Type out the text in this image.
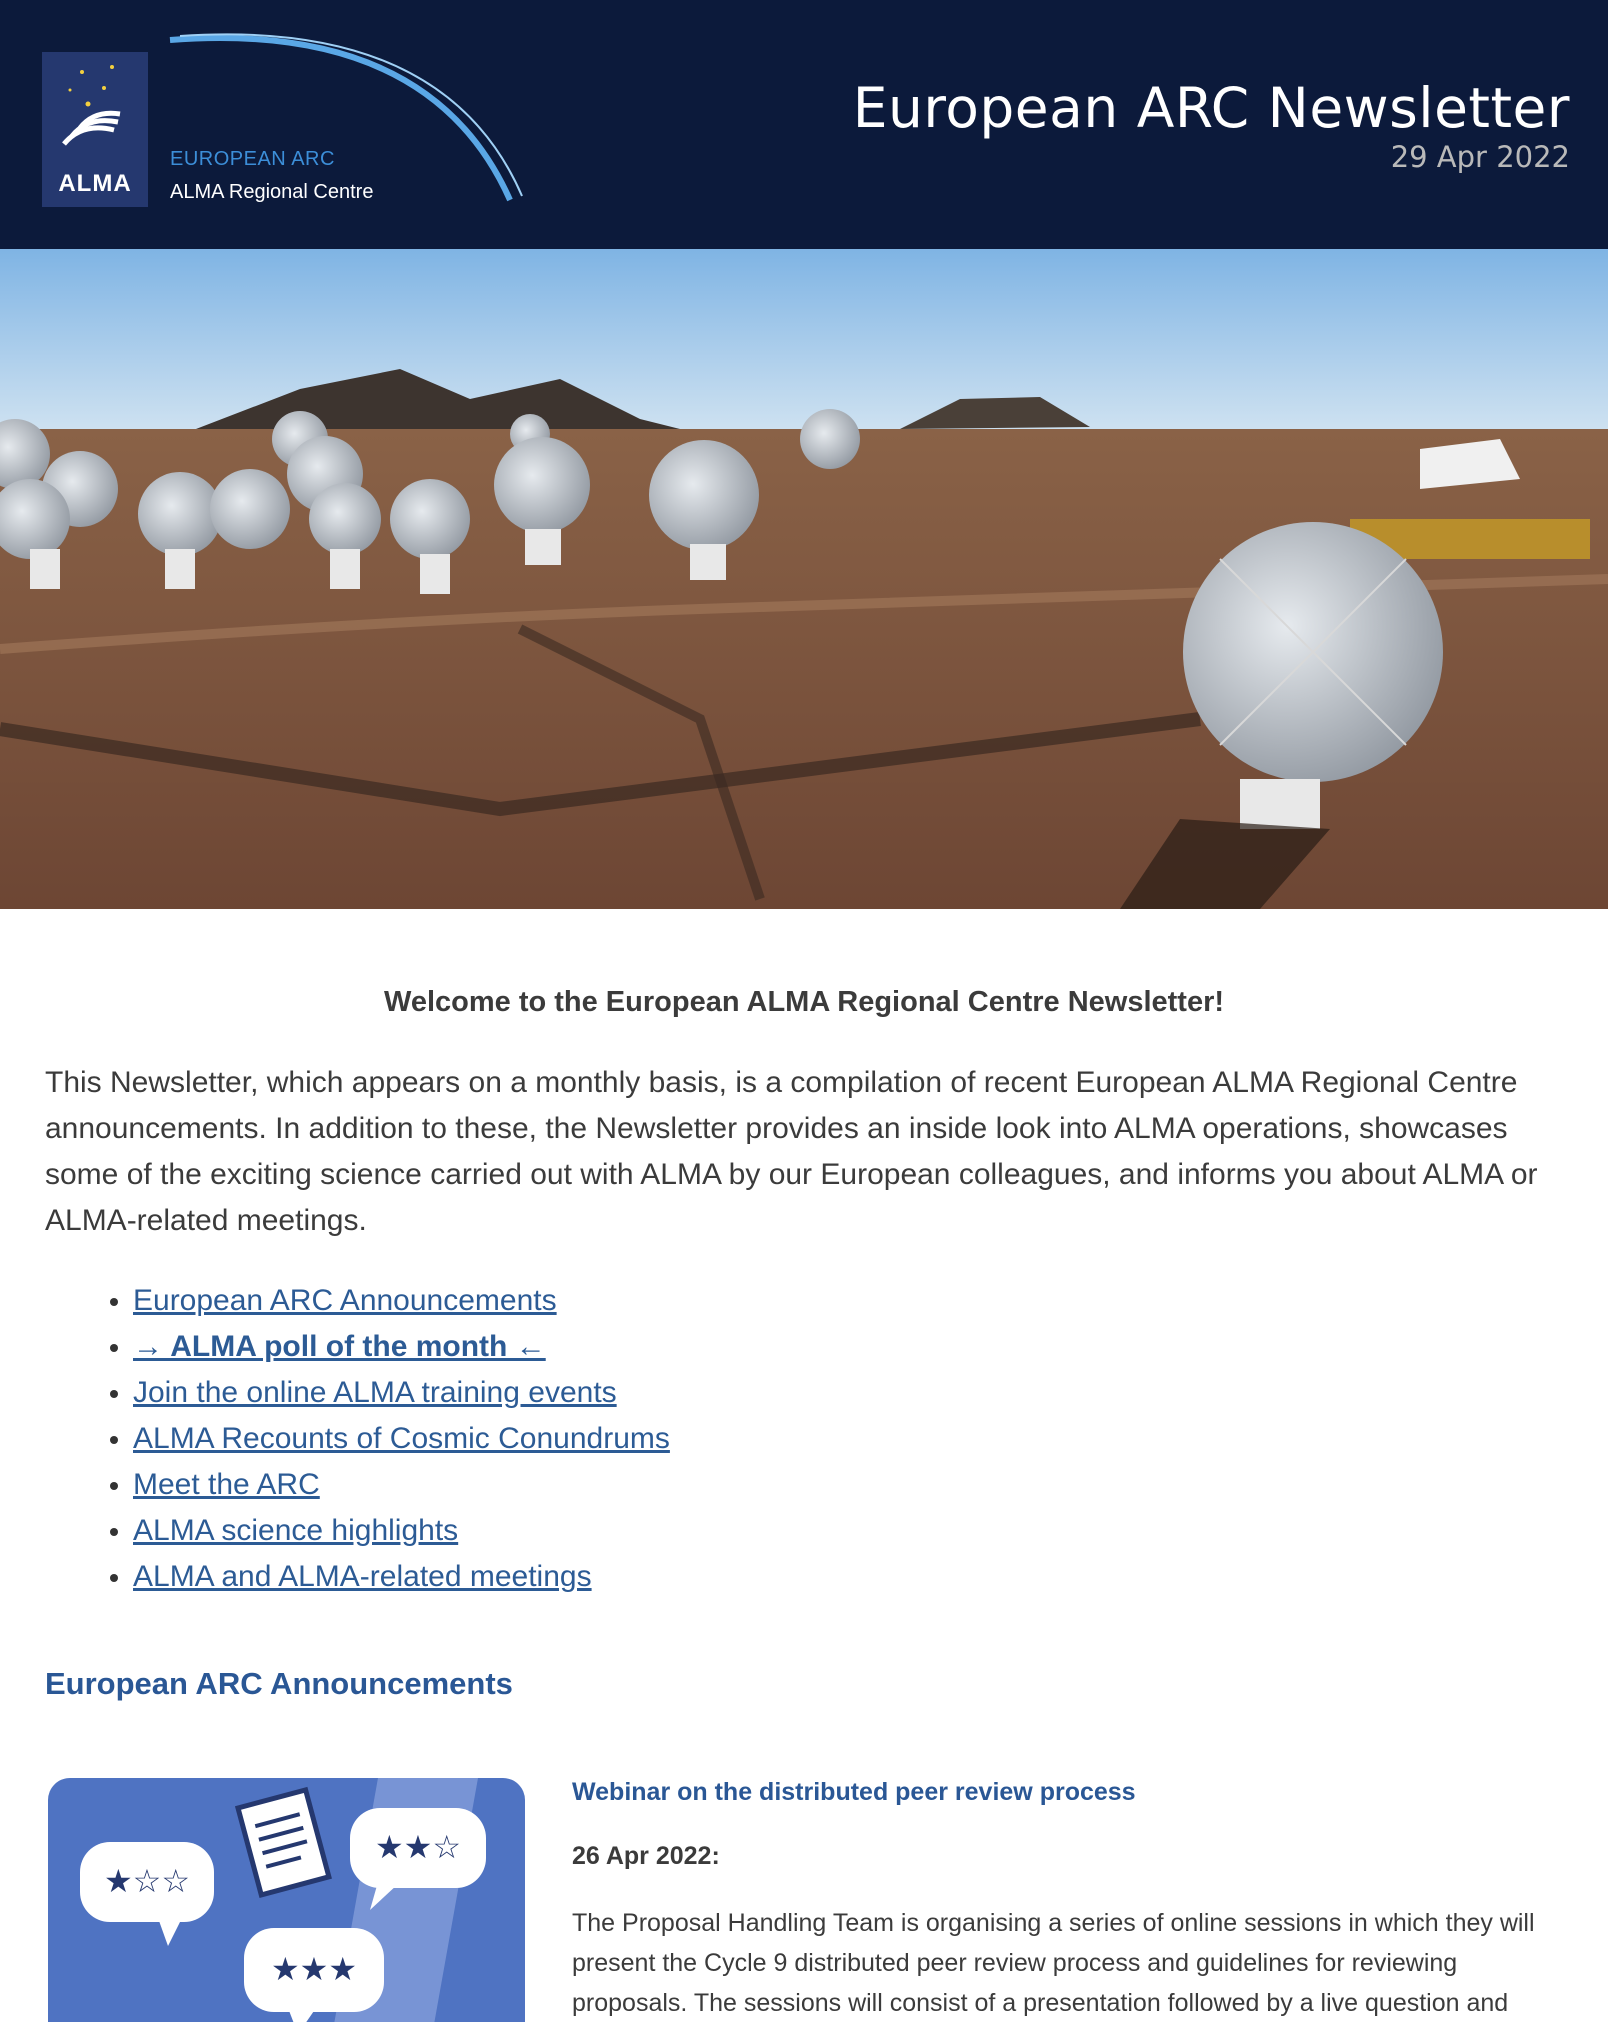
ALMA
EUROPEAN ARC
ALMA Regional Centre
European ARC Newsletter
29 Apr 2022
Welcome to the European ALMA Regional Centre Newsletter!
This Newsletter, which appears on a monthly basis, is a compilation of recent European ALMA Regional Centre announcements. In addition to these, the Newsletter provides an inside look into ALMA operations, showcases some of the exciting science carried out with ALMA by our European colleagues, and informs you about ALMA or ALMA-related meetings.
European ARC Announcements
→ ALMA poll of the month ←
Join the online ALMA training events
ALMA Recounts of Cosmic Conundrums
Meet the ARC
ALMA science highlights
ALMA and ALMA-related meetings
European ARC Announcements
★☆☆
★★☆
★★★
Webinar on the distributed peer review process
26 Apr 2022:
The Proposal Handling Team is organising a series of online sessions in which they will present the Cycle 9 distributed peer review process and guidelines for reviewing proposals. The sessions will consist of a presentation followed by a live question and
